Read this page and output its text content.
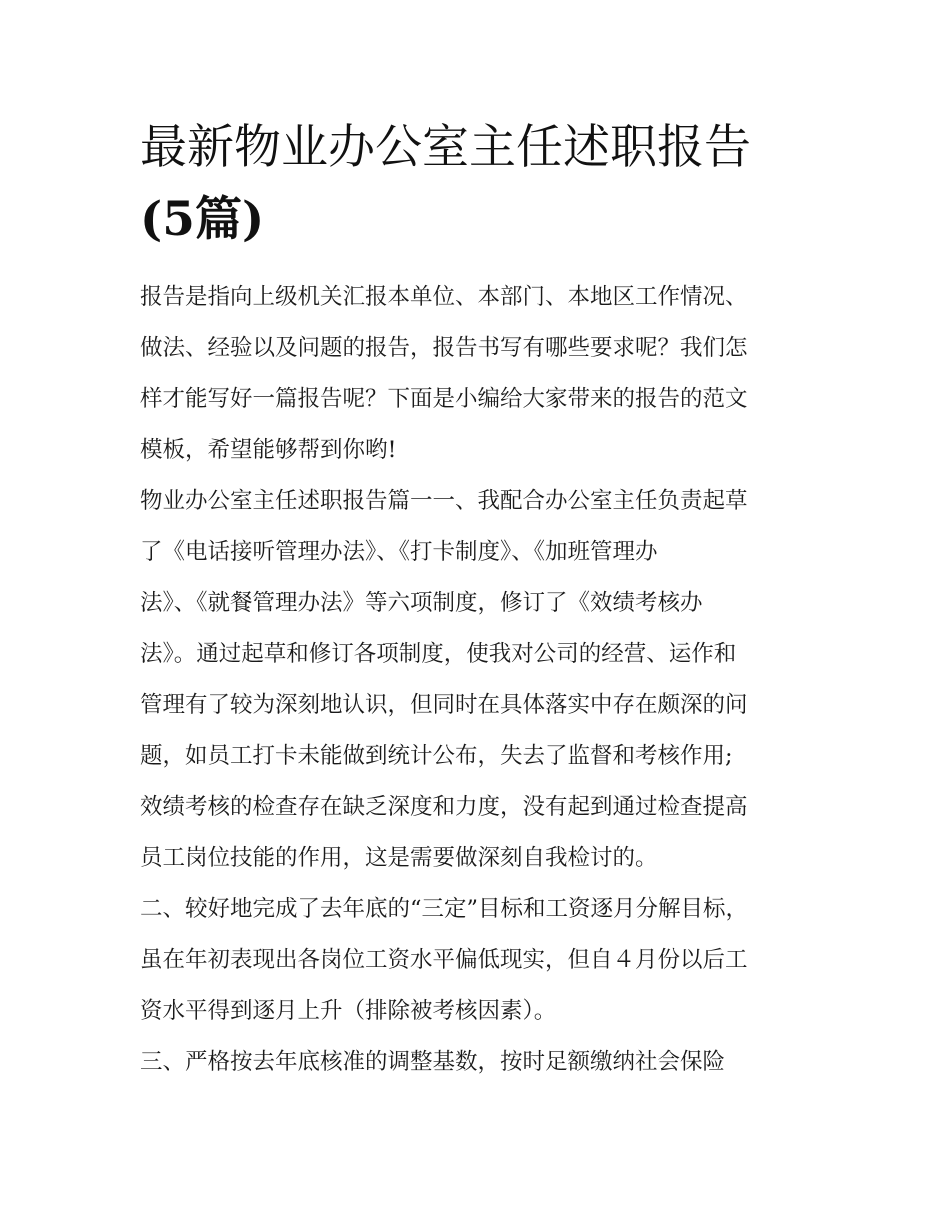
最新物业办公室主任述职报告
(5篇)

报告是指向上级机关汇报本单位、本部门、本地区工作情况、
做法、经验以及问题的报告，报告书写有哪些要求呢？我们怎
样才能写好一篇报告呢？下面是小编给大家带来的报告的范文
模板，希望能够帮到你哟!

物业办公室主任述职报告篇一一、我配合办公室主任负责起草
了《电话接听管理办法》、《打卡制度》、《加班管理办
法》、《就餐管理办法》等六项制度，修订了《效绩考核办
法》。通过起草和修订各项制度，使我对公司的经营、运作和
管理有了较为深刻地认识，但同时在具体落实中存在颇深的问
题，如员工打卡未能做到统计公布，失去了监督和考核作用;
效绩考核的检查存在缺乏深度和力度，没有起到通过检查提高
员工岗位技能的作用，这是需要做深刻自我检讨的。

二、较好地完成了去年底的“三定”目标和工资逐月分解目标，
虽在年初表现出各岗位工资水平偏低现实，但自４月份以后工
资水平得到逐月上升（排除被考核因素）。

三、严格按去年底核准的调整基数，按时足额缴纳社会保险
